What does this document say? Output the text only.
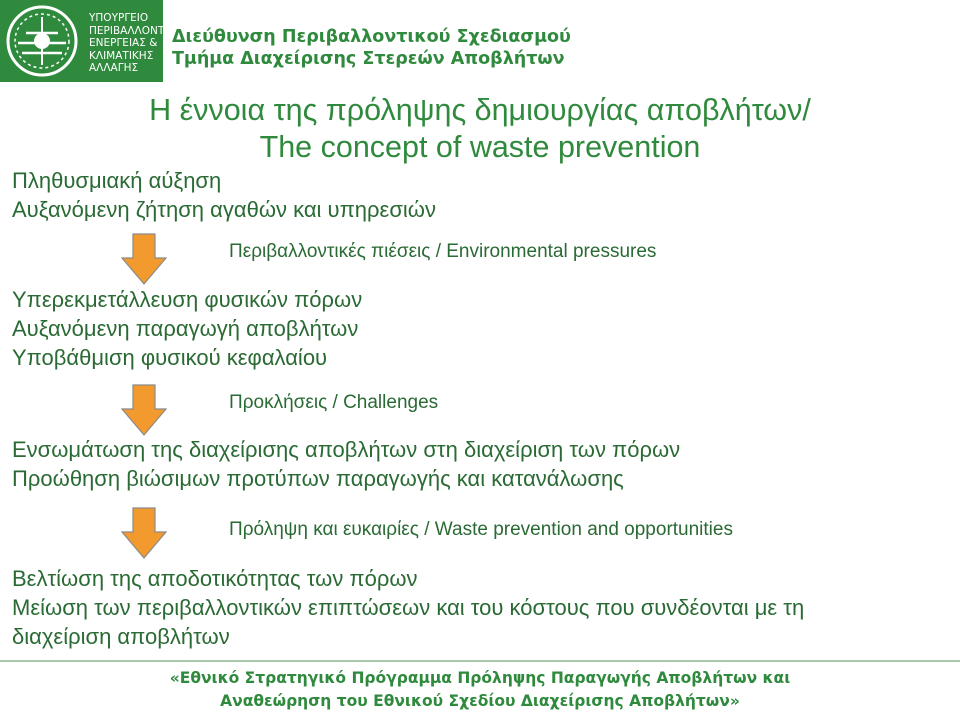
ΥΠΟΥΡΓΕΙΟ
ΠΕΡΙΒΑΛΛΟΝΤΟΣ
ΕΝΕΡΓΕΙΑΣ &
ΚΛΙΜΑΤΙΚΗΣ
ΑΛΛΑΓΗΣ
Διεύθυνση Περιβαλλοντικού Σχεδιασμού
Τμήμα Διαχείρισης Στερεών Αποβλήτων
Η έννοια της πρόληψης δημιουργίας αποβλήτων/
The concept of waste prevention
Πληθυσμιακή αύξηση
Αυξανόμενη ζήτηση αγαθών και υπηρεσιών
Περιβαλλοντικές πιέσεις / Environmental pressures
Υπερεκμετάλλευση φυσικών πόρων
Αυξανόμενη παραγωγή αποβλήτων
Υποβάθμιση φυσικού κεφαλαίου
Προκλήσεις / Challenges
Ενσωμάτωση της διαχείρισης αποβλήτων στη διαχείριση των πόρων
Προώθηση βιώσιμων προτύπων παραγωγής και κατανάλωσης
Πρόληψη και ευκαιρίες / Waste prevention and opportunities
Βελτίωση της αποδοτικότητας των πόρων
Μείωση των περιβαλλοντικών επιπτώσεων και του κόστους που συνδέονται με τη
διαχείριση αποβλήτων
«Εθνικό Στρατηγικό Πρόγραμμα Πρόληψης Παραγωγής Αποβλήτων και
Αναθεώρηση του Εθνικού Σχεδίου Διαχείρισης Αποβλήτων»
